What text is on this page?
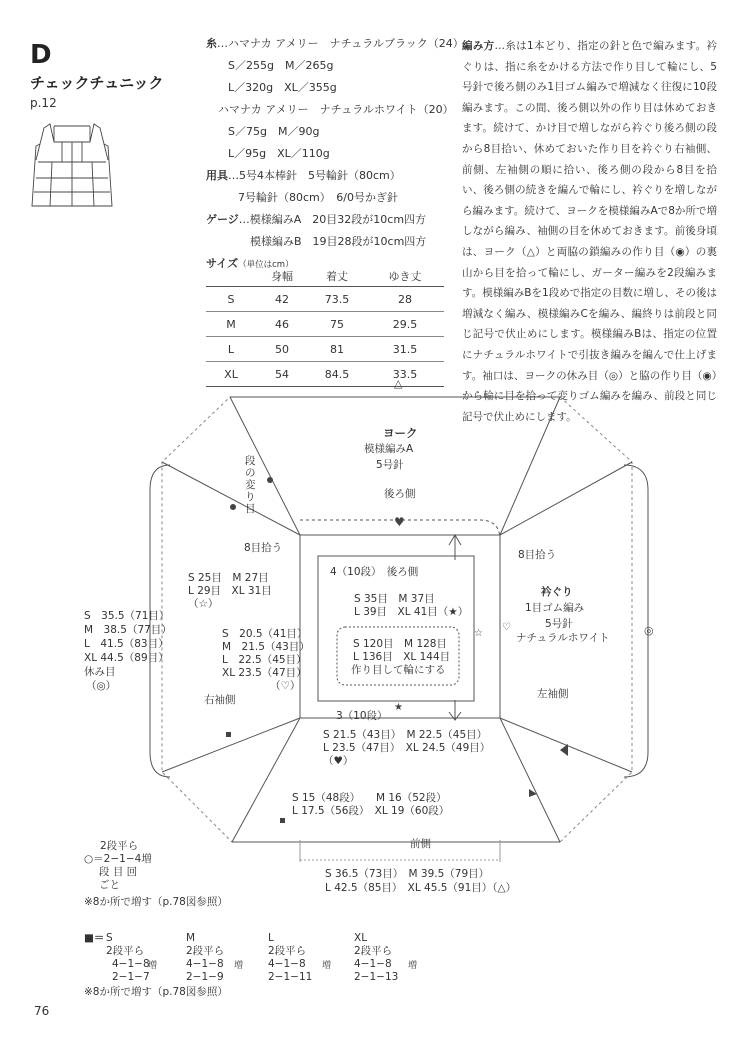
D
チェックチュニック
p.12
糸…ハマナカ アメリー　ナチュラルブラック（24）
S／255g　M／265g
L／320g　XL／355g
ハマナカ アメリー　ナチュラルホワイト（20）
S／75g　M／90g
L／95g　XL／110g
用具…5号4本棒針　5号輪針（80cm）
7号輪針（80cm）　6/0号かぎ針
ゲージ…模様編みA　20目32段が10cm四方
模様編みB　19目28段が10cm四方
サイズ（単位はcm）
	身幅	着丈	ゆき丈
S	42	73.5	28
M	46	75	29.5
L	50	81	31.5
XL	54	84.5	33.5
編み方…糸は1本どり、指定の針と色で編みます。衿ぐりは、指に糸をかける方法で作り目して輪にし、5号針で後ろ側のみ1目ゴム編みで増減なく往復に10段編みます。この間、後ろ側以外の作り目は休めておきます。続けて、かけ目で増しながら衿ぐり後ろ側の段から8目拾い、休めておいた作り目を衿ぐり右袖側、前側、左袖側の順に拾い、後ろ側の段から8目を拾い、後ろ側の続きを編んで輪にし、衿ぐりを増しながら編みます。続けて、ヨークを模様編みAで8か所で増しながら編み、袖側の目を休めておきます。前後身頃は、ヨーク（△）と両脇の鎖編みの作り目（◉）の裏山から目を拾って輪にし、ガーター編みを2段編みます。模様編みBを1段めで指定の目数に増し、その後は増減なく編み、模様編みCを編み、編終りは前段と同じ記号で伏止めにします。模様編みBは、指定の位置にナチュラルホワイトで引抜き編みを編んで仕上げます。袖口は、ヨークの休み目（◎）と脇の作り目（◉）から輪に目を拾って変りゴム編みを編み、前段と同じ記号で伏止めにします。
△
★
♥
☆
♡	◎
ヨーク
模様編みA
5号針
後ろ側
前側
右袖側	左袖側
段の変り目
8目拾う
8目拾う
4（10段）　後ろ側
S 35目　M 37目
L 39目　XL 41目（★）
衿ぐり
1目ゴム編み
5号針
ナチュラルホワイト
S 120目　M 128目
L 136目　XL 144目
作り目して輪にする
3（10段）
S 25目　M 27目
L 29目　XL 31目
（☆）
S　20.5（41目）
M　21.5（43目）
L　22.5（45目）
XL 23.5（47目）
（♡）
S　35.5（71目）
M　38.5（77目）
L　41.5（83目）
XL 44.5（89目）
休み目
（◎）
S 21.5（43目）　M 22.5（45目）
L 23.5（47目）　XL 24.5（49目）
（♥）
S 15（48段）　　M 16（52段）
L 17.5（56段）　XL 19（60段）
S 36.5（73目）　M 39.5（79目）
L 42.5（85目）　XL 45.5（91目）（△）
2段平ら
○＝2−1−4増
段 目 回
ごと
※8か所で増す（p.78図参照）
■＝ S
2段平ら
4−1−8
2−1−7
増
M
2段平ら
4−1−8
2−1−9
増
L
2段平ら
4−1−8
2−1−11
増
XL
2段平ら
4−1−8
2−1−13
増
※8か所で増す（p.78図参照）
76
